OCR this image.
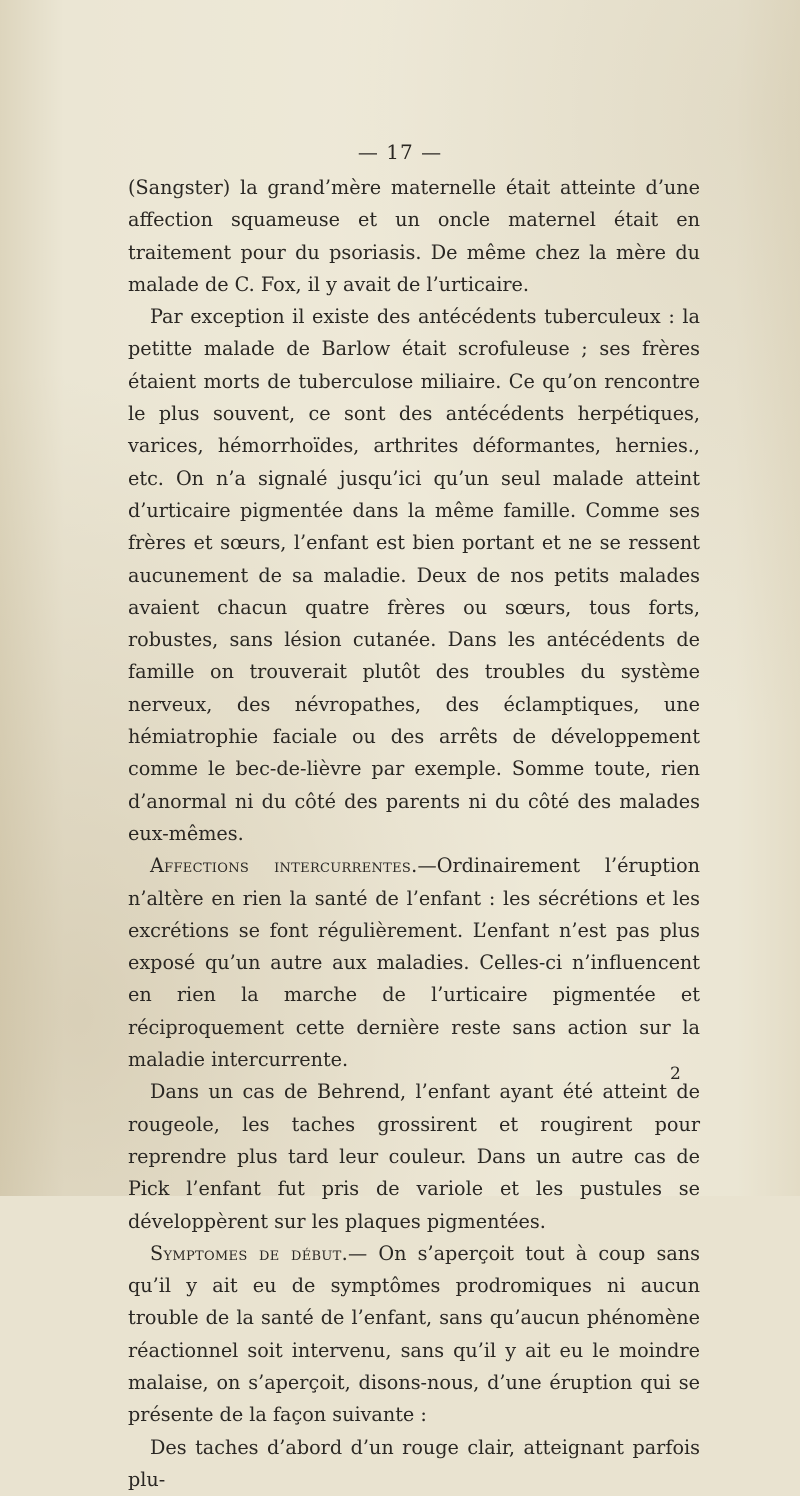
— 17 —

(Sangster) la grand’mère maternelle était atteinte d’une affection squameuse et un oncle maternel était en traitement pour du psoriasis. De même chez la mère du malade de C. Fox, il y avait de l’urticaire.

Par exception il existe des antécédents tuberculeux : la petitte malade de Barlow était scrofuleuse ; ses frères étaient morts de tuberculose miliaire. Ce qu’on rencontre le plus souvent, ce sont des antécédents herpétiques, varices, hémorrhoïdes, arthrites déformantes, hernies., etc. On n’a signalé jusqu’ici qu’un seul malade atteint d’urticaire pigmentée dans la même famille. Comme ses frères et sœurs, l’enfant est bien portant et ne se ressent aucunement de sa maladie. Deux de nos petits malades avaient chacun quatre frères ou sœurs, tous forts, robustes, sans lésion cutanée. Dans les antécédents de famille on trouverait plutôt des troubles du système nerveux, des névropathes, des éclamptiques, une hémiatrophie faciale ou des arrêts de développement comme le bec-de-lièvre par exemple. Somme toute, rien d’anormal ni du côté des parents ni du côté des malades eux-mêmes.

Affections intercurrentes.—Ordinairement l’éruption n’altère en rien la santé de l’enfant : les sécrétions et les excrétions se font régulièrement. L’enfant n’est pas plus exposé qu’un autre aux maladies. Celles-ci n’influencent en rien la marche de l’urticaire pigmentée et réciproquement cette dernière reste sans action sur la maladie intercurrente.

Dans un cas de Behrend, l’enfant ayant été atteint de rougeole, les taches grossirent et rougirent pour reprendre plus tard leur couleur. Dans un autre cas de Pick l’enfant fut pris de variole et les pustules se développèrent sur les plaques pigmentées.

Symptomes de début.— On s’aperçoit tout à coup sans qu’il y ait eu de symptômes prodromiques ni aucun trouble de la santé de l’enfant, sans qu’aucun phénomène réactionnel soit intervenu, sans qu’il y ait eu le moindre malaise, on s’aperçoit, disons-nous, d’une éruption qui se présente de la façon suivante :

Des taches d’abord d’un rouge clair, atteignant parfois plu-

2
